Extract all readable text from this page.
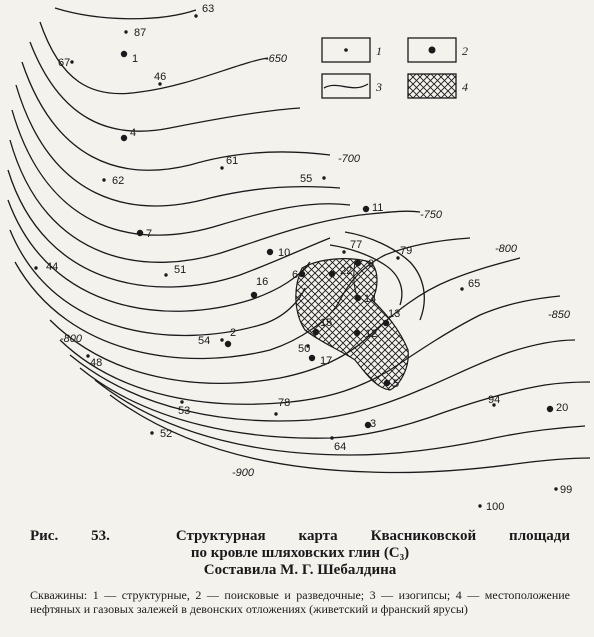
-650
-700
-750
-800
-850
-800
-900
63
87
1
67
46
4
61
62	55
7
11
10
77	79
44	51	6	22
9
16	65
14
54
2
15
12
13
50
17
48
5
53
78	94
20
3
52
64
99
100
1	2
3	4
Рис. 53.	Структурная карта Квасниковской площади
по кровле шляховских глин (C₃)
Составила М. Г. Шебалдина
Скважины: 1 — структурные, 2 — поисковые и разведочные; 3 — изогипсы; 4 — местоположение нефтяных и газовых залежей в девонских отложениях (живетский и франский ярусы)
